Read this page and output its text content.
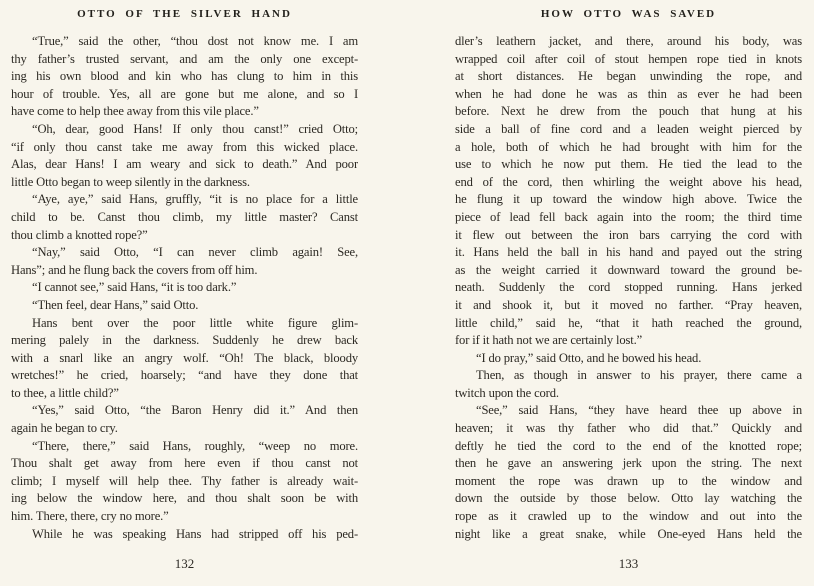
OTTO OF THE SILVER HAND
“True,” said the other, “thou dost not know me. I am
thy father’s trusted servant, and am the only one except-
ing his own blood and kin who has clung to him in this
hour of trouble. Yes, all are gone but me alone, and so I
have come to help thee away from this vile place.”
“Oh, dear, good Hans! If only thou canst!” cried Otto;
“if only thou canst take me away from this wicked place.
Alas, dear Hans! I am weary and sick to death.” And poor
little Otto began to weep silently in the darkness.
“Aye, aye,” said Hans, gruffly, “it is no place for a little
child to be. Canst thou climb, my little master? Canst
thou climb a knotted rope?”
“Nay,” said Otto, “I can never climb again! See,
Hans”; and he flung back the covers from off him.
“I cannot see,” said Hans, “it is too dark.”
“Then feel, dear Hans,” said Otto.
Hans bent over the poor little white figure glim-
mering palely in the darkness. Suddenly he drew back
with a snarl like an angry wolf. “Oh! The black, bloody
wretches!” he cried, hoarsely; “and have they done that
to thee, a little child?”
“Yes,” said Otto, “the Baron Henry did it.” And then
again he began to cry.
“There, there,” said Hans, roughly, “weep no more.
Thou shalt get away from here even if thou canst not
climb; I myself will help thee. Thy father is already wait-
ing below the window here, and thou shalt soon be with
him. There, there, cry no more.”
While he was speaking Hans had stripped off his ped-
132
HOW OTTO WAS SAVED
dler’s leathern jacket, and there, around his body, was
wrapped coil after coil of stout hempen rope tied in knots
at short distances. He began unwinding the rope, and
when he had done he was as thin as ever he had been
before. Next he drew from the pouch that hung at his
side a ball of fine cord and a leaden weight pierced by
a hole, both of which he had brought with him for the
use to which he now put them. He tied the lead to the
end of the cord, then whirling the weight above his head,
he flung it up toward the window high above. Twice the
piece of lead fell back again into the room; the third time
it flew out between the iron bars carrying the cord with
it. Hans held the ball in his hand and payed out the string
as the weight carried it downward toward the ground be-
neath. Suddenly the cord stopped running. Hans jerked
it and shook it, but it moved no farther. “Pray heaven,
little child,” said he, “that it hath reached the ground,
for if it hath not we are certainly lost.”
“I do pray,” said Otto, and he bowed his head.
Then, as though in answer to his prayer, there came a
twitch upon the cord.
“See,” said Hans, “they have heard thee up above in
heaven; it was thy father who did that.” Quickly and
deftly he tied the cord to the end of the knotted rope;
then he gave an answering jerk upon the string. The next
moment the rope was drawn up to the window and
down the outside by those below. Otto lay watching the
rope as it crawled up to the window and out into the
night like a great snake, while One-eyed Hans held the
133
